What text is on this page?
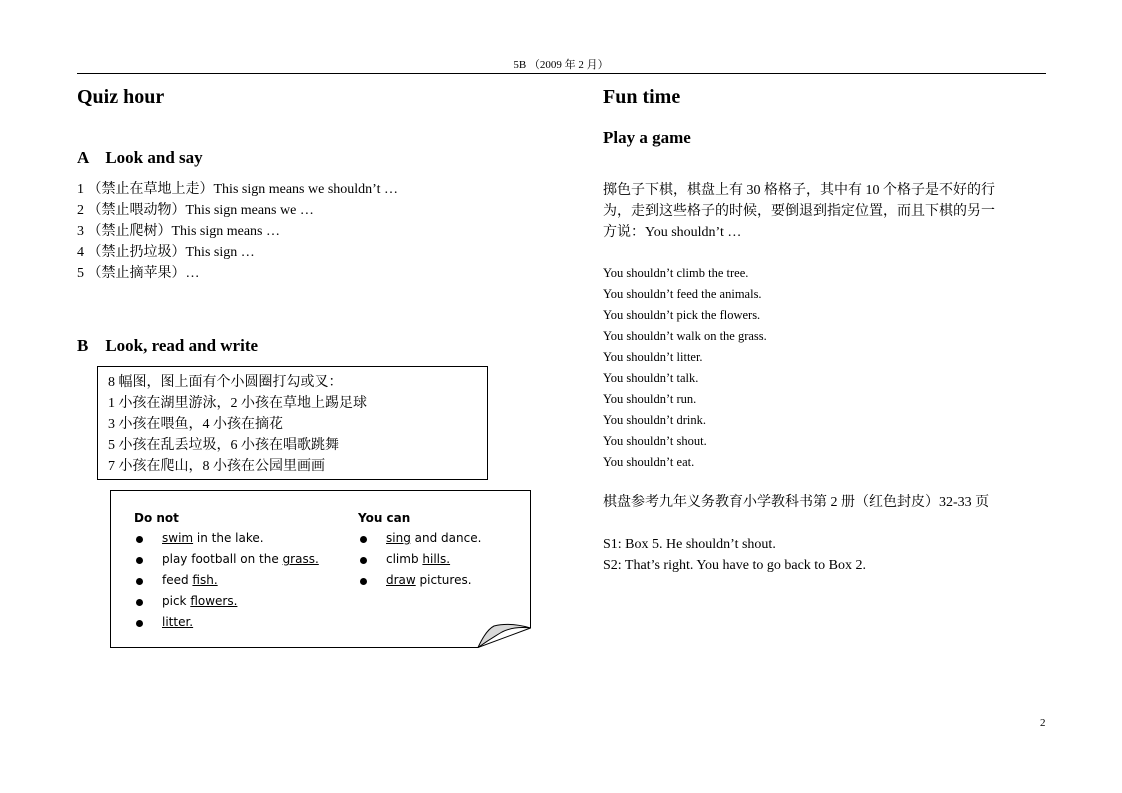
5B （2009 年 2 月）
Quiz hour
A    Look and say
1 （禁止在草地上走）This sign means we shouldn’t …
2 （禁止喂动物）This sign means we …
3 （禁止爬树）This sign means …
4 （禁止扔垃圾）This sign …
5 （禁止摘苹果）…
B    Look, read and write
8 幅图，图上面有个小圆圈打勾或叉：
1 小孩在湖里游泳，2 小孩在草地上踢足球
3 小孩在喂鱼，4 小孩在摘花
5 小孩在乱丢垃圾，6 小孩在唱歌跳舞
7 小孩在爬山，8 小孩在公园里画画
Do not	You can
swim in the lake.
play football on the grass.
feed fish.
pick flowers.
litter.
sing and dance.
climb hills.
draw pictures.
Fun time
Play a game
掷色子下棋，棋盘上有 30 格格子，其中有 10 个格子是不好的行
为，走到这些格子的时候，要倒退到指定位置，而且下棋的另一
方说：You shouldn’t …
You shouldn’t climb the tree.
You shouldn’t feed the animals.
You shouldn’t pick the flowers.
You shouldn’t walk on the grass.
You shouldn’t litter.
You shouldn’t talk.
You shouldn’t run.
You shouldn’t drink.
You shouldn’t shout.
You shouldn’t eat.
棋盘参考九年义务教育小学教科书第 2 册（红色封皮）32-33 页
S1: Box 5. He shouldn’t shout.
S2: That’s right. You have to go back to Box 2.
2
